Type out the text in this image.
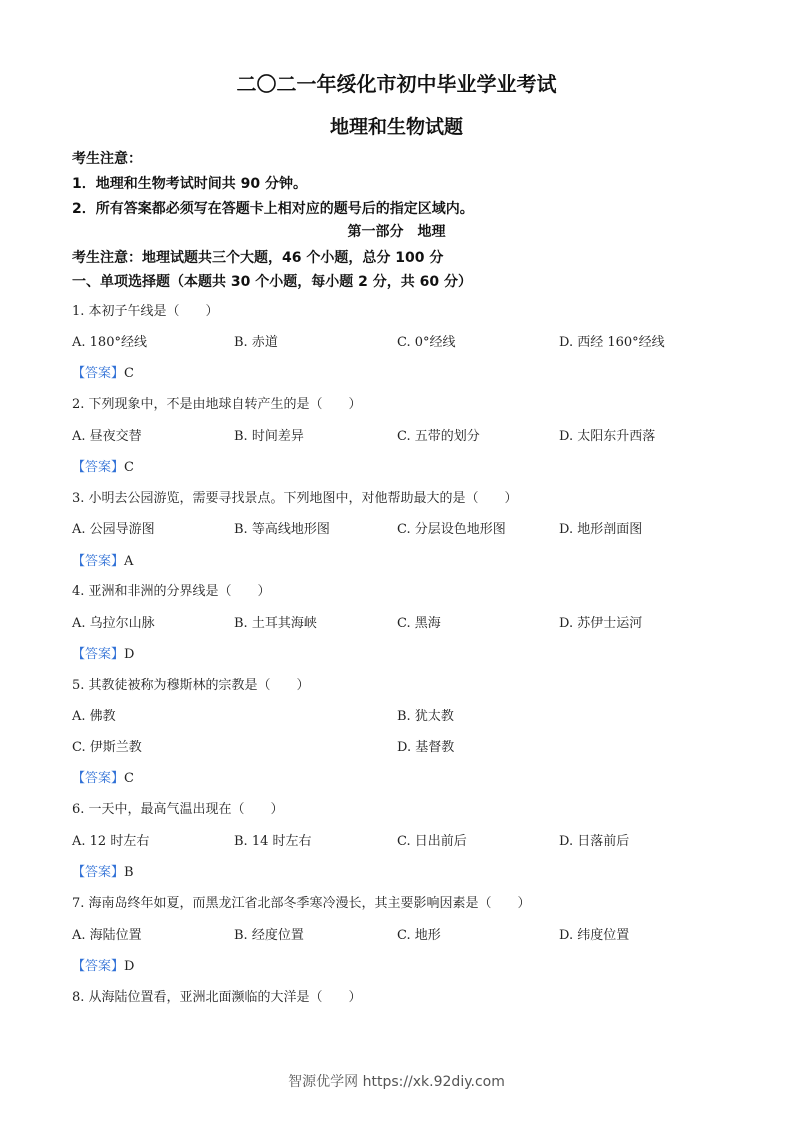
二〇二一年绥化市初中毕业学业考试
地理和生物试题
考生注意：
1．地理和生物考试时间共 90 分钟。
2．所有答案都必须写在答题卡上相对应的题号后的指定区域内。
第一部分　地理
考生注意：地理试题共三个大题，46 个小题，总分 100 分
一、单项选择题（本题共 30 个小题，每小题 2 分，共 60 分）
1. 本初子午线是（　　）
A. 180°经线	B. 赤道	C. 0°经线	D. 西经 160°经线
【答案】C
2. 下列现象中，不是由地球自转产生的是（　　）
A. 昼夜交替	B. 时间差异	C. 五带的划分	D. 太阳东升西落
【答案】C
3. 小明去公园游览，需要寻找景点。下列地图中，对他帮助最大的是（　　）
A. 公园导游图	B. 等高线地形图	C. 分层设色地形图	D. 地形剖面图
【答案】A
4. 亚洲和非洲的分界线是（　　）
A. 乌拉尔山脉	B. 土耳其海峡	C. 黑海	D. 苏伊士运河
【答案】D
5. 其教徒被称为穆斯林的宗教是（　　）
A. 佛教	B. 犹太教
C. 伊斯兰教	D. 基督教
【答案】C
6. 一天中，最高气温出现在（　　）
A. 12 时左右	B. 14 时左右	C. 日出前后	D. 日落前后
【答案】B
7. 海南岛终年如夏，而黑龙江省北部冬季寒冷漫长，其主要影响因素是（　　）
A. 海陆位置	B. 经度位置	C. 地形	D. 纬度位置
【答案】D
8. 从海陆位置看，亚洲北面濒临的大洋是（　　）
智源优学网 https://xk.92diy.com
